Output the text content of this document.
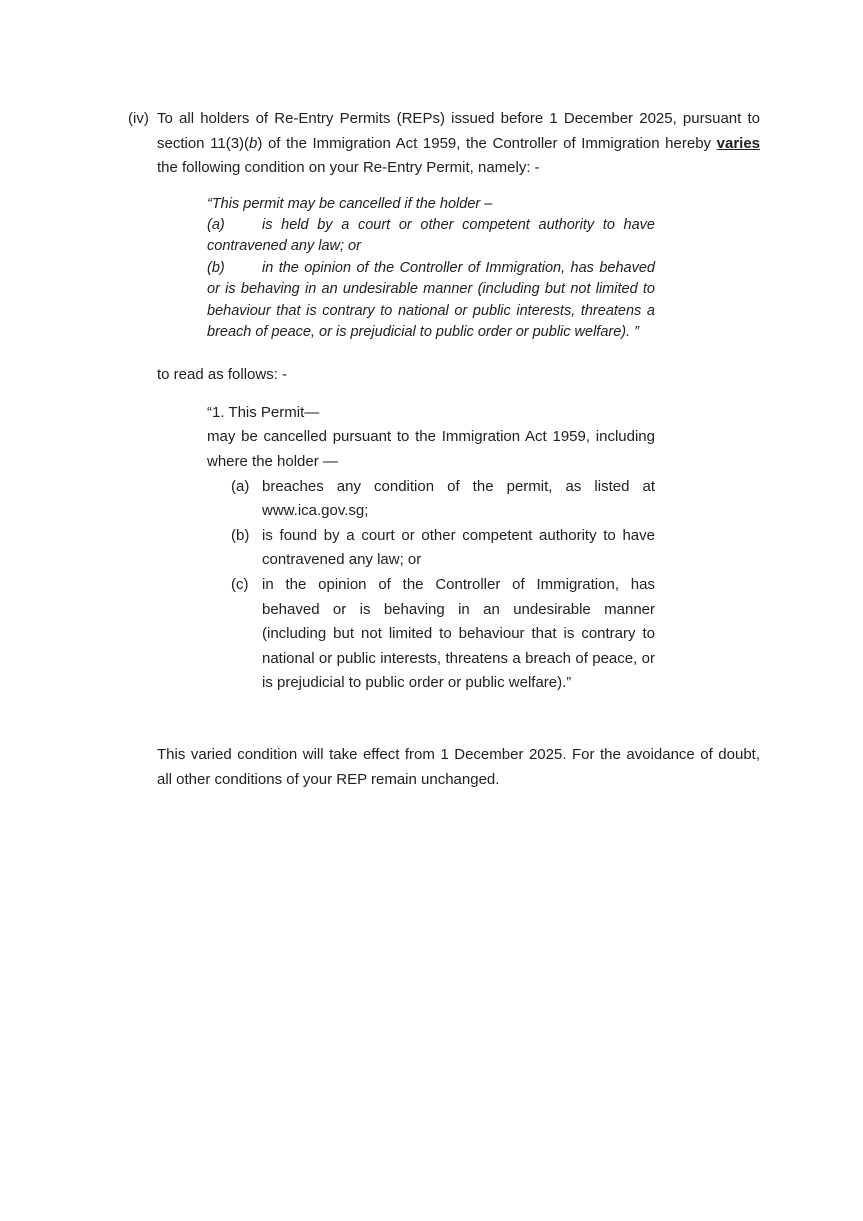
(iv) To all holders of Re-Entry Permits (REPs) issued before 1 December 2025, pursuant to section 11(3)(b) of the Immigration Act 1959, the Controller of Immigration hereby varies the following condition on your Re-Entry Permit, namely: -
“This permit may be cancelled if the holder –
(a)	is held by a court or other competent authority to have contravened any law; or
(b)	in the opinion of the Controller of Immigration, has behaved or is behaving in an undesirable manner (including but not limited to behaviour that is contrary to national or public interests, threatens a breach of peace, or is prejudicial to public order or public welfare). ”
to read as follows: -
“1. This Permit—
may be cancelled pursuant to the Immigration Act 1959, including where the holder —
(a) breaches any condition of the permit, as listed at www.ica.gov.sg;
(b) is found by a court or other competent authority to have contravened any law; or
(c) in the opinion of the Controller of Immigration, has behaved or is behaving in an undesirable manner (including but not limited to behaviour that is contrary to national or public interests, threatens a breach of peace, or is prejudicial to public order or public welfare).”
This varied condition will take effect from 1 December 2025. For the avoidance of doubt, all other conditions of your REP remain unchanged.
